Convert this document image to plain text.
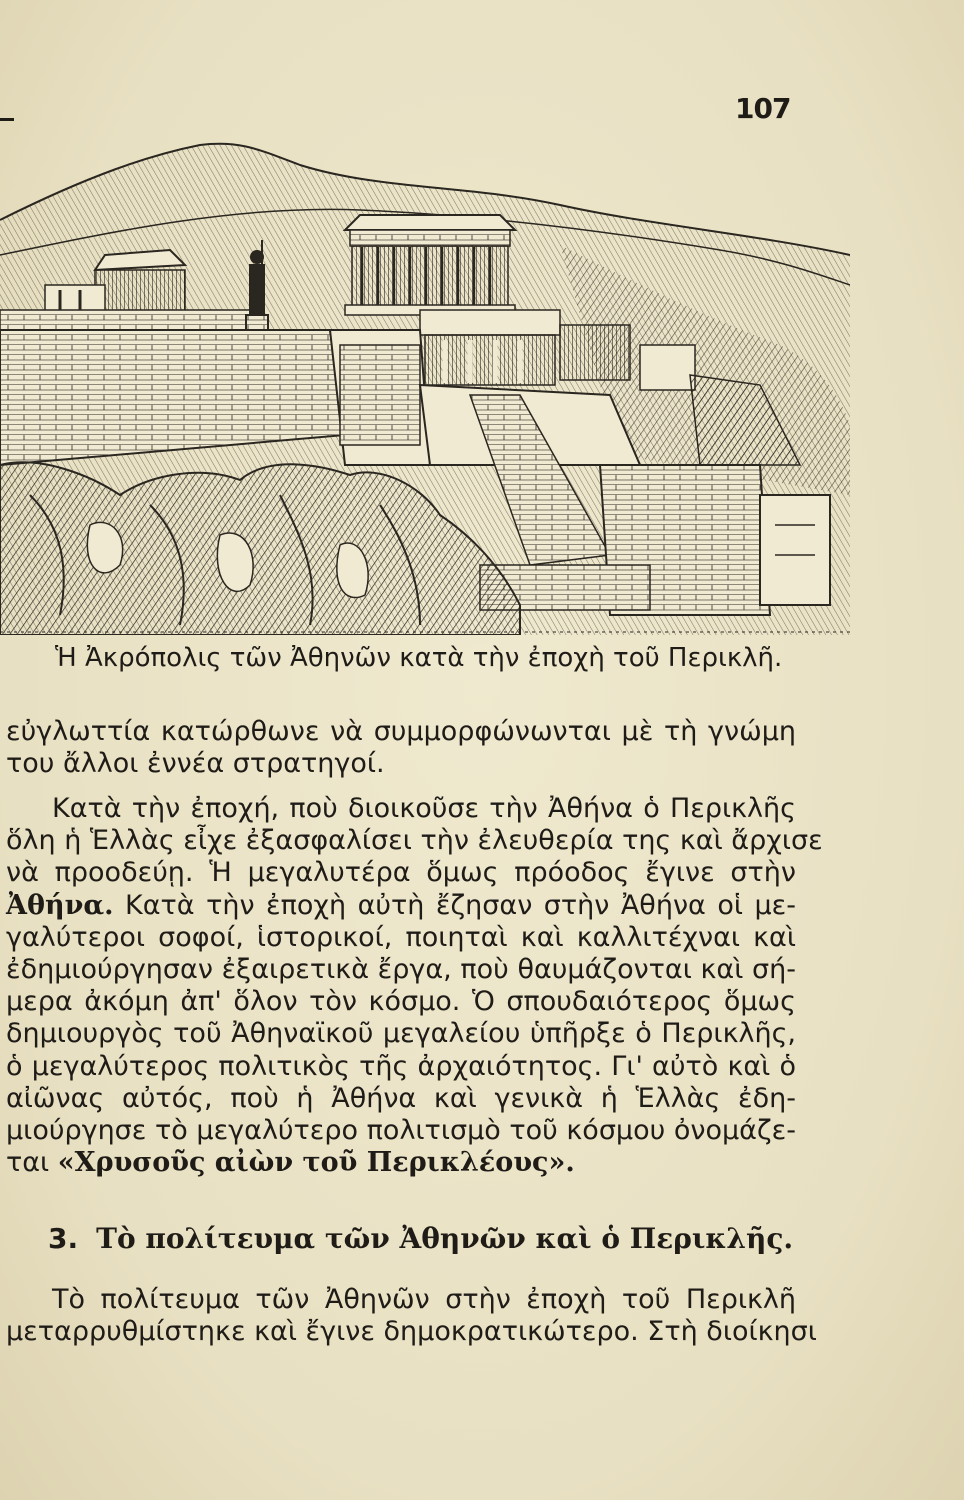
107
Ἡ Ἀκρόπολις τῶν Ἀθηνῶν κατὰ τὴν ἐποχὴ τοῦ Περικλῆ.
εὐγλωττία κατώρθωνε νὰ συμμορφώνωνται μὲ τὴ γνώμη
του ἄλλοι ἐννέα στρατηγοί.
Κατὰ τὴν ἐποχή, ποὺ διοικοῦσε τὴν Ἀθήνα ὁ Περικλῆς
ὅλη ἡ Ἑλλὰς εἶχε ἐξασφαλίσει τὴν ἐλευθερία της καὶ ἄρχισε
νὰ προοδεύῃ. Ἡ μεγαλυτέρα ὅμως πρόοδος ἔγινε στὴν
Ἀθήνα. Κατὰ τὴν ἐποχὴ αὐτὴ ἔζησαν στὴν Ἀθήνα οἱ με-
γαλύτεροι σοφοί, ἱστορικοί, ποιηταὶ καὶ καλλιτέχναι καὶ
ἐδημιούργησαν ἐξαιρετικὰ ἔργα, ποὺ θαυμάζονται καὶ σή-
μερα ἀκόμη ἀπ' ὅλον τὸν κόσμο. Ὁ σπουδαιότερος ὅμως
δημιουργὸς τοῦ Ἀθηναϊκοῦ μεγαλείου ὑπῆρξε ὁ Περικλῆς,
ὁ μεγαλύτερος πολιτικὸς τῆς ἀρχαιότητος. Γι' αὐτὸ καὶ ὁ
αἰῶνας αὐτός, ποὺ ἡ Ἀθήνα καὶ γενικὰ ἡ Ἑλλὰς ἐδη-
μιούργησε τὸ μεγαλύτερο πολιτισμὸ τοῦ κόσμου ὀνομάζε-
ται «Χρυσοῦς αἰὼν τοῦ Περικλέους».
3. Τὸ πολίτευμα τῶν Ἀθηνῶν καὶ ὁ Περικλῆς.
Τὸ πολίτευμα τῶν Ἀθηνῶν στὴν ἐποχὴ τοῦ Περικλῆ
μεταρρυθμίστηκε καὶ ἔγινε δημοκρατικώτερο. Στὴ διοίκησι
